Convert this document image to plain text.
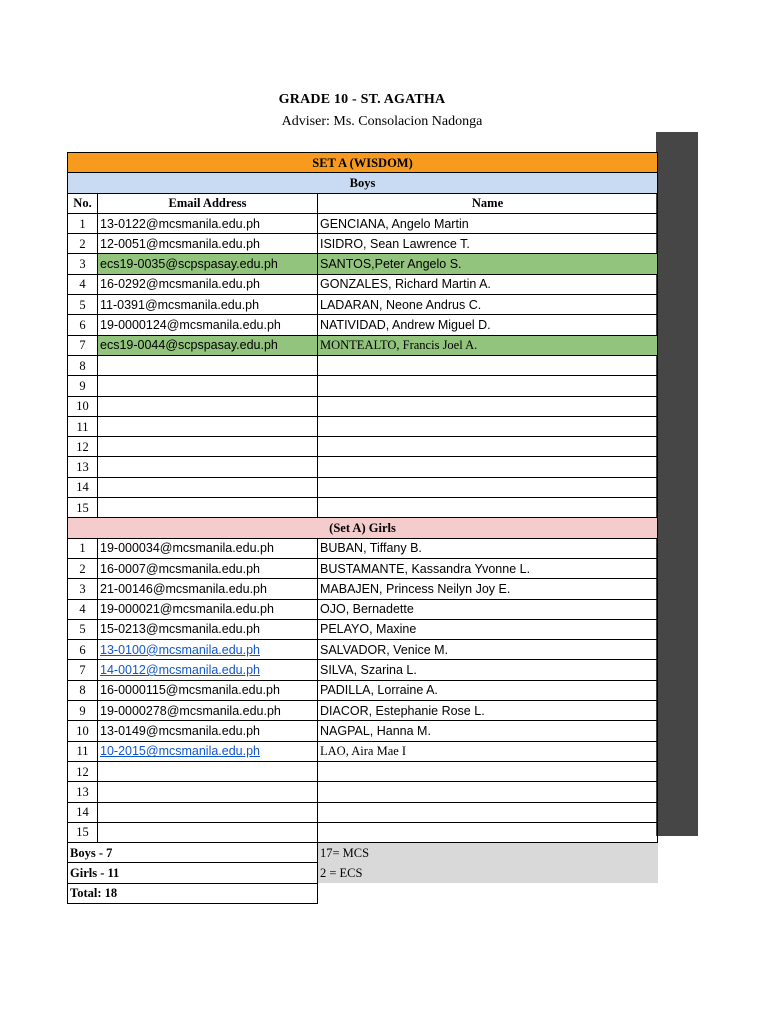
GRADE 10 - ST. AGATHA
Adviser: Ms. Consolacion Nadonga
SET A (WISDOM)		
Boys		
No.	Email Address	Name
1	13-0122@mcsmanila.edu.ph	GENCIANA, Angelo Martin
2	12-0051@mcsmanila.edu.ph	ISIDRO, Sean Lawrence T.
3	ecs19-0035@scpspasay.edu.ph	SANTOS,Peter Angelo S.
4	16-0292@mcsmanila.edu.ph	GONZALES, Richard Martin A.
5	11-0391@mcsmanila.edu.ph	LADARAN, Neone Andrus C.
6	19-0000124@mcsmanila.edu.ph	NATIVIDAD, Andrew Miguel D.
7	ecs19-0044@scpspasay.edu.ph	MONTEALTO, Francis Joel A.
8		
9		
10		
11		
12		
13		
14		
15		
(Set A) Girls		
1	19-000034@mcsmanila.edu.ph	BUBAN, Tiffany B.
2	16-0007@mcsmanila.edu.ph	BUSTAMANTE, Kassandra Yvonne L.
3	21-00146@mcsmanila.edu.ph	MABAJEN, Princess Neilyn Joy E.
4	19-000021@mcsmanila.edu.ph	OJO, Bernadette
5	15-0213@mcsmanila.edu.ph	PELAYO, Maxine
6	13-0100@mcsmanila.edu.ph	SALVADOR, Venice M.
7	14-0012@mcsmanila.edu.ph	SILVA, Szarina L.
8	16-0000115@mcsmanila.edu.ph	PADILLA, Lorraine A.
9	19-0000278@mcsmanila.edu.ph	DIACOR, Estephanie Rose L.
10	13-0149@mcsmanila.edu.ph	NAGPAL, Hanna M.
11	10-2015@mcsmanila.edu.ph	LAO, Aira Mae I
12		
13		
14		
15		
Boys - 7		17= MCS
Girls - 11		2 = ECS
Total: 18		
